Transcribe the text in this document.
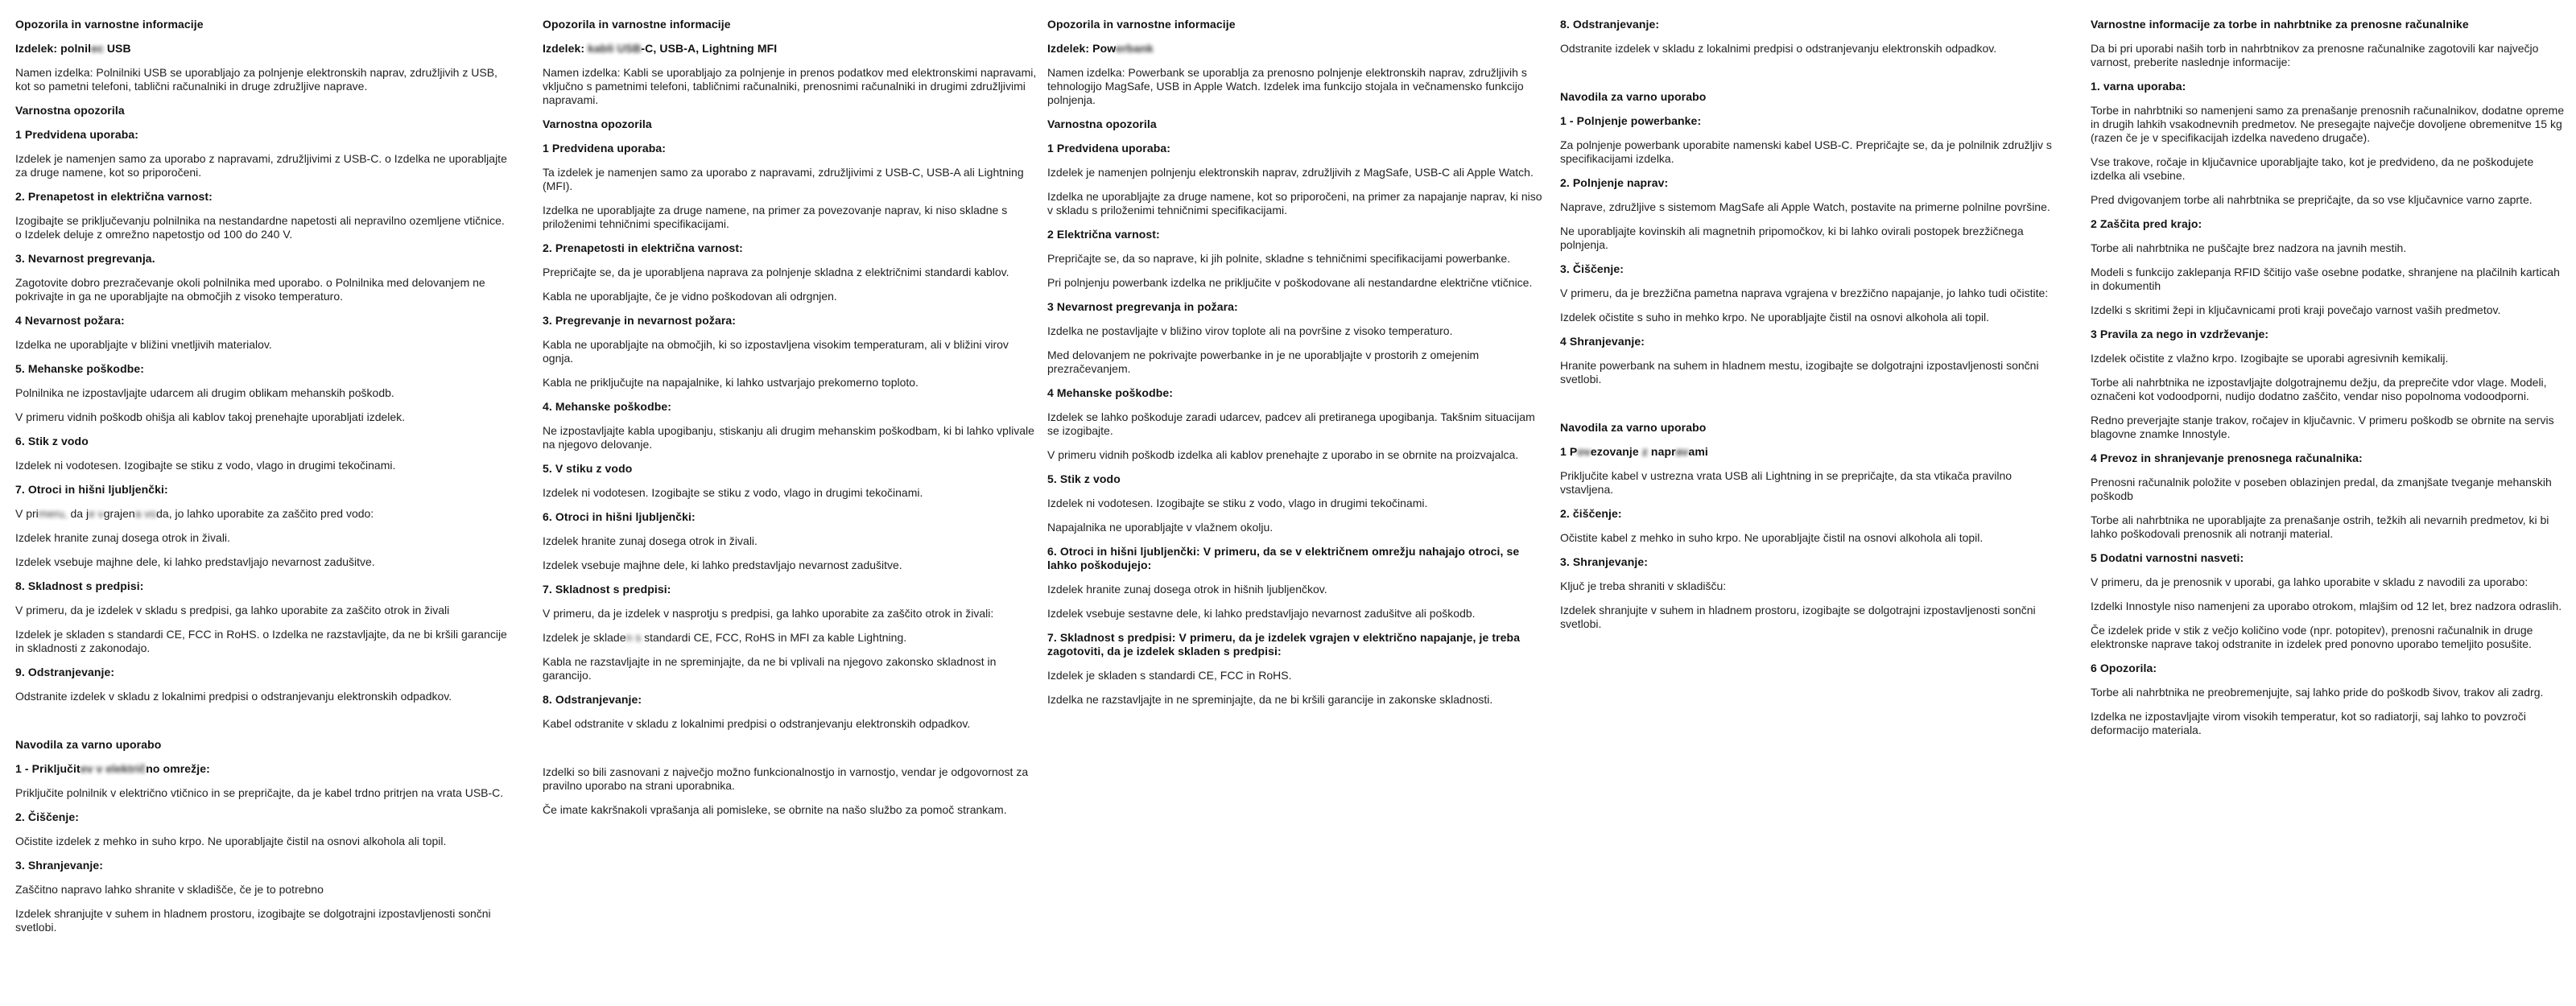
Opozorila in varnostne informacije
Izdelek: polnilec USB
Namen izdelka: Polnilniki USB se uporabljajo za polnjenje elektronskih naprav, združljivih z USB, kot so pametni telefoni, tablični računalniki in druge združljive naprave.
Varnostna opozorila
1 Predvidena uporaba:
Izdelek je namenjen samo za uporabo z napravami, združljivimi z USB-C. o Izdelka ne uporabljajte za druge namene, kot so priporočeni.
2. Prenapetost in električna varnost:
Izogibajte se priključevanju polnilnika na nestandardne napetosti ali nepravilno ozemljene vtičnice. o Izdelek deluje z omrežno napetostjo od 100 do 240 V.
3. Nevarnost pregrevanja.
Zagotovite dobro prezračevanje okoli polnilnika med uporabo. o Polnilnika med delovanjem ne pokrivajte in ga ne uporabljajte na območjih z visoko temperaturo.
4 Nevarnost požara:
Izdelka ne uporabljajte v bližini vnetljivih materialov.
5. Mehanske poškodbe:
Polnilnika ne izpostavljajte udarcem ali drugim oblikam mehanskih poškodb.
V primeru vidnih poškodb ohišja ali kablov takoj prenehajte uporabljati izdelek.
6. Stik z vodo
Izdelek ni vodotesen. Izogibajte se stiku z vodo, vlago in drugimi tekočinami.
7. Otroci in hišni ljubljenčki:
V primeru, da je vgrajena voda, jo lahko uporabite za zaščito pred vodo:
Izdelek hranite zunaj dosega otrok in živali.
Izdelek vsebuje majhne dele, ki lahko predstavljajo nevarnost zadušitve.
8. Skladnost s predpisi:
V primeru, da je izdelek v skladu s predpisi, ga lahko uporabite za zaščito otrok in živali
Izdelek je skladen s standardi CE, FCC in RoHS. o Izdelka ne razstavljajte, da ne bi kršili garancije in skladnosti z zakonodajo.
9. Odstranjevanje:
Odstranite izdelek v skladu z lokalnimi predpisi o odstranjevanju elektronskih odpadkov.
Navodila za varno uporabo
1 - Priključitev v električno omrežje:
Priključite polnilnik v električno vtičnico in se prepričajte, da je kabel trdno pritrjen na vrata USB-C.
2. Čiščenje:
Očistite izdelek z mehko in suho krpo. Ne uporabljajte čistil na osnovi alkohola ali topil.
3. Shranjevanje:
Zaščitno napravo lahko shranite v skladišče, če je to potrebno
Izdelek shranjujte v suhem in hladnem prostoru, izogibajte se dolgotrajni izpostavljenosti sončni svetlobi.
Opozorila in varnostne informacije
Izdelek: kabli USB-C, USB-A, Lightning MFI
Namen izdelka: Kabli se uporabljajo za polnjenje in prenos podatkov med elektronskimi napravami, vključno s pametnimi telefoni, tabličnimi računalniki, prenosnimi računalniki in drugimi združljivimi napravami.
Varnostna opozorila
1 Predvidena uporaba:
Ta izdelek je namenjen samo za uporabo z napravami, združljivimi z USB-C, USB-A ali Lightning (MFI).
Izdelka ne uporabljajte za druge namene, na primer za povezovanje naprav, ki niso skladne s priloženimi tehničnimi specifikacijami.
2. Prenapetosti in električna varnost:
Prepričajte se, da je uporabljena naprava za polnjenje skladna z električnimi standardi kablov.
Kabla ne uporabljajte, če je vidno poškodovan ali odrgnjen.
3. Pregrevanje in nevarnost požara:
Kabla ne uporabljajte na območjih, ki so izpostavljena visokim temperaturam, ali v bližini virov ognja.
Kabla ne priključujte na napajalnike, ki lahko ustvarjajo prekomerno toploto.
4. Mehanske poškodbe:
Ne izpostavljajte kabla upogibanju, stiskanju ali drugim mehanskim poškodbam, ki bi lahko vplivale na njegovo delovanje.
5. V stiku z vodo
Izdelek ni vodotesen. Izogibajte se stiku z vodo, vlago in drugimi tekočinami.
6. Otroci in hišni ljubljenčki:
Izdelek hranite zunaj dosega otrok in živali.
Izdelek vsebuje majhne dele, ki lahko predstavljajo nevarnost zadušitve.
7. Skladnost s predpisi:
V primeru, da je izdelek v nasprotju s predpisi, ga lahko uporabite za zaščito otrok in živali:
Izdelek je skladen s standardi CE, FCC, RoHS in MFI za kable Lightning.
Kabla ne razstavljajte in ne spreminjajte, da ne bi vplivali na njegovo zakonsko skladnost in garancijo.
8. Odstranjevanje:
Kabel odstranite v skladu z lokalnimi predpisi o odstranjevanju elektronskih odpadkov.
Izdelki so bili zasnovani z največjo možno funkcionalnostjo in varnostjo, vendar je odgovornost za pravilno uporabo na strani uporabnika.
Če imate kakršnakoli vprašanja ali pomisleke, se obrnite na našo službo za pomoč strankam.
Opozorila in varnostne informacije
Izdelek: Powerbank
Namen izdelka: Powerbank se uporablja za prenosno polnjenje elektronskih naprav, združljivih s tehnologijo MagSafe, USB in Apple Watch. Izdelek ima funkcijo stojala in večnamensko funkcijo polnjenja.
Varnostna opozorila
1 Predvidena uporaba:
Izdelek je namenjen polnjenju elektronskih naprav, združljivih z MagSafe, USB-C ali Apple Watch.
Izdelka ne uporabljajte za druge namene, kot so priporočeni, na primer za napajanje naprav, ki niso v skladu s priloženimi tehničnimi specifikacijami.
2 Električna varnost:
Prepričajte se, da so naprave, ki jih polnite, skladne s tehničnimi specifikacijami powerbanke.
Pri polnjenju powerbank izdelka ne priključite v poškodovane ali nestandardne električne vtičnice.
3 Nevarnost pregrevanja in požara:
Izdelka ne postavljajte v bližino virov toplote ali na površine z visoko temperaturo.
Med delovanjem ne pokrivajte powerbanke in je ne uporabljajte v prostorih z omejenim prezračevanjem.
4 Mehanske poškodbe:
Izdelek se lahko poškoduje zaradi udarcev, padcev ali pretiranega upogibanja. Takšnim situacijam se izogibajte.
V primeru vidnih poškodb izdelka ali kablov prenehajte z uporabo in se obrnite na proizvajalca.
5. Stik z vodo
Izdelek ni vodotesen. Izogibajte se stiku z vodo, vlago in drugimi tekočinami.
Napajalnika ne uporabljajte v vlažnem okolju.
6. Otroci in hišni ljubljenčki: V primeru, da se v električnem omrežju nahajajo otroci, se lahko poškodujejo:
Izdelek hranite zunaj dosega otrok in hišnih ljubljenčkov.
Izdelek vsebuje sestavne dele, ki lahko predstavljajo nevarnost zadušitve ali poškodb.
7. Skladnost s predpisi: V primeru, da je izdelek vgrajen v električno napajanje, je treba zagotoviti, da je izdelek skladen s predpisi:
Izdelek je skladen s standardi CE, FCC in RoHS.
Izdelka ne razstavljajte in ne spreminjajte, da ne bi kršili garancije in zakonske skladnosti.
8. Odstranjevanje:
Odstranite izdelek v skladu z lokalnimi predpisi o odstranjevanju elektronskih odpadkov.
Navodila za varno uporabo
1 - Polnjenje powerbanke:
Za polnjenje powerbank uporabite namenski kabel USB-C. Prepričajte se, da je polnilnik združljiv s specifikacijami izdelka.
2. Polnjenje naprav:
Naprave, združljive s sistemom MagSafe ali Apple Watch, postavite na primerne polnilne površine.
Ne uporabljajte kovinskih ali magnetnih pripomočkov, ki bi lahko ovirali postopek brezžičnega polnjenja.
3. Čiščenje:
V primeru, da je brezžična pametna naprava vgrajena v brezžično napajanje, jo lahko tudi očistite:
Izdelek očistite s suho in mehko krpo. Ne uporabljajte čistil na osnovi alkohola ali topil.
4 Shranjevanje:
Hranite powerbank na suhem in hladnem mestu, izogibajte se dolgotrajni izpostavljenosti sončni svetlobi.
Navodila za varno uporabo
1 Povezovanje z napravami
Priključite kabel v ustrezna vrata USB ali Lightning in se prepričajte, da sta vtikača pravilno vstavljena.
2. čiščenje:
Očistite kabel z mehko in suho krpo. Ne uporabljajte čistil na osnovi alkohola ali topil.
3. Shranjevanje:
Ključ je treba shraniti v skladišču:
Izdelek shranjujte v suhem in hladnem prostoru, izogibajte se dolgotrajni izpostavljenosti sončni svetlobi.
Varnostne informacije za torbe in nahrbtnike za prenosne računalnike
Da bi pri uporabi naših torb in nahrbtnikov za prenosne računalnike zagotovili kar največjo varnost, preberite naslednje informacije:
1. varna uporaba:
Torbe in nahrbtniki so namenjeni samo za prenašanje prenosnih računalnikov, dodatne opreme in drugih lahkih vsakodnevnih predmetov. Ne presegajte največje dovoljene obremenitve 15 kg (razen če je v specifikacijah izdelka navedeno drugače).
Vse trakove, ročaje in ključavnice uporabljajte tako, kot je predvideno, da ne poškodujete izdelka ali vsebine.
Pred dvigovanjem torbe ali nahrbtnika se prepričajte, da so vse ključavnice varno zaprte.
2 Zaščita pred krajo:
Torbe ali nahrbtnika ne puščajte brez nadzora na javnih mestih.
Modeli s funkcijo zaklepanja RFID ščitijo vaše osebne podatke, shranjene na plačilnih karticah in dokumentih
Izdelki s skritimi žepi in ključavnicami proti kraji povečajo varnost vaših predmetov.
3 Pravila za nego in vzdrževanje:
Izdelek očistite z vlažno krpo. Izogibajte se uporabi agresivnih kemikalij.
Torbe ali nahrbtnika ne izpostavljajte dolgotrajnemu dežju, da preprečite vdor vlage. Modeli, označeni kot vodoodporni, nudijo dodatno zaščito, vendar niso popolnoma vodoodporni.
Redno preverjajte stanje trakov, ročajev in ključavnic. V primeru poškodb se obrnite na servis blagovne znamke Innostyle.
4 Prevoz in shranjevanje prenosnega računalnika:
Prenosni računalnik položite v poseben oblazinjen predal, da zmanjšate tveganje mehanskih poškodb
Torbe ali nahrbtnika ne uporabljajte za prenašanje ostrih, težkih ali nevarnih predmetov, ki bi lahko poškodovali prenosnik ali notranji material.
5 Dodatni varnostni nasveti:
V primeru, da je prenosnik v uporabi, ga lahko uporabite v skladu z navodili za uporabo:
Izdelki Innostyle niso namenjeni za uporabo otrokom, mlajšim od 12 let, brez nadzora odraslih.
Če izdelek pride v stik z večjo količino vode (npr. potopitev), prenosni računalnik in druge elektronske naprave takoj odstranite in izdelek pred ponovno uporabo temeljito posušite.
6 Opozorila:
Torbe ali nahrbtnika ne preobremenjujte, saj lahko pride do poškodb šivov, trakov ali zadrg.
Izdelka ne izpostavljajte virom visokih temperatur, kot so radiatorji, saj lahko to povzroči deformacijo materiala.
